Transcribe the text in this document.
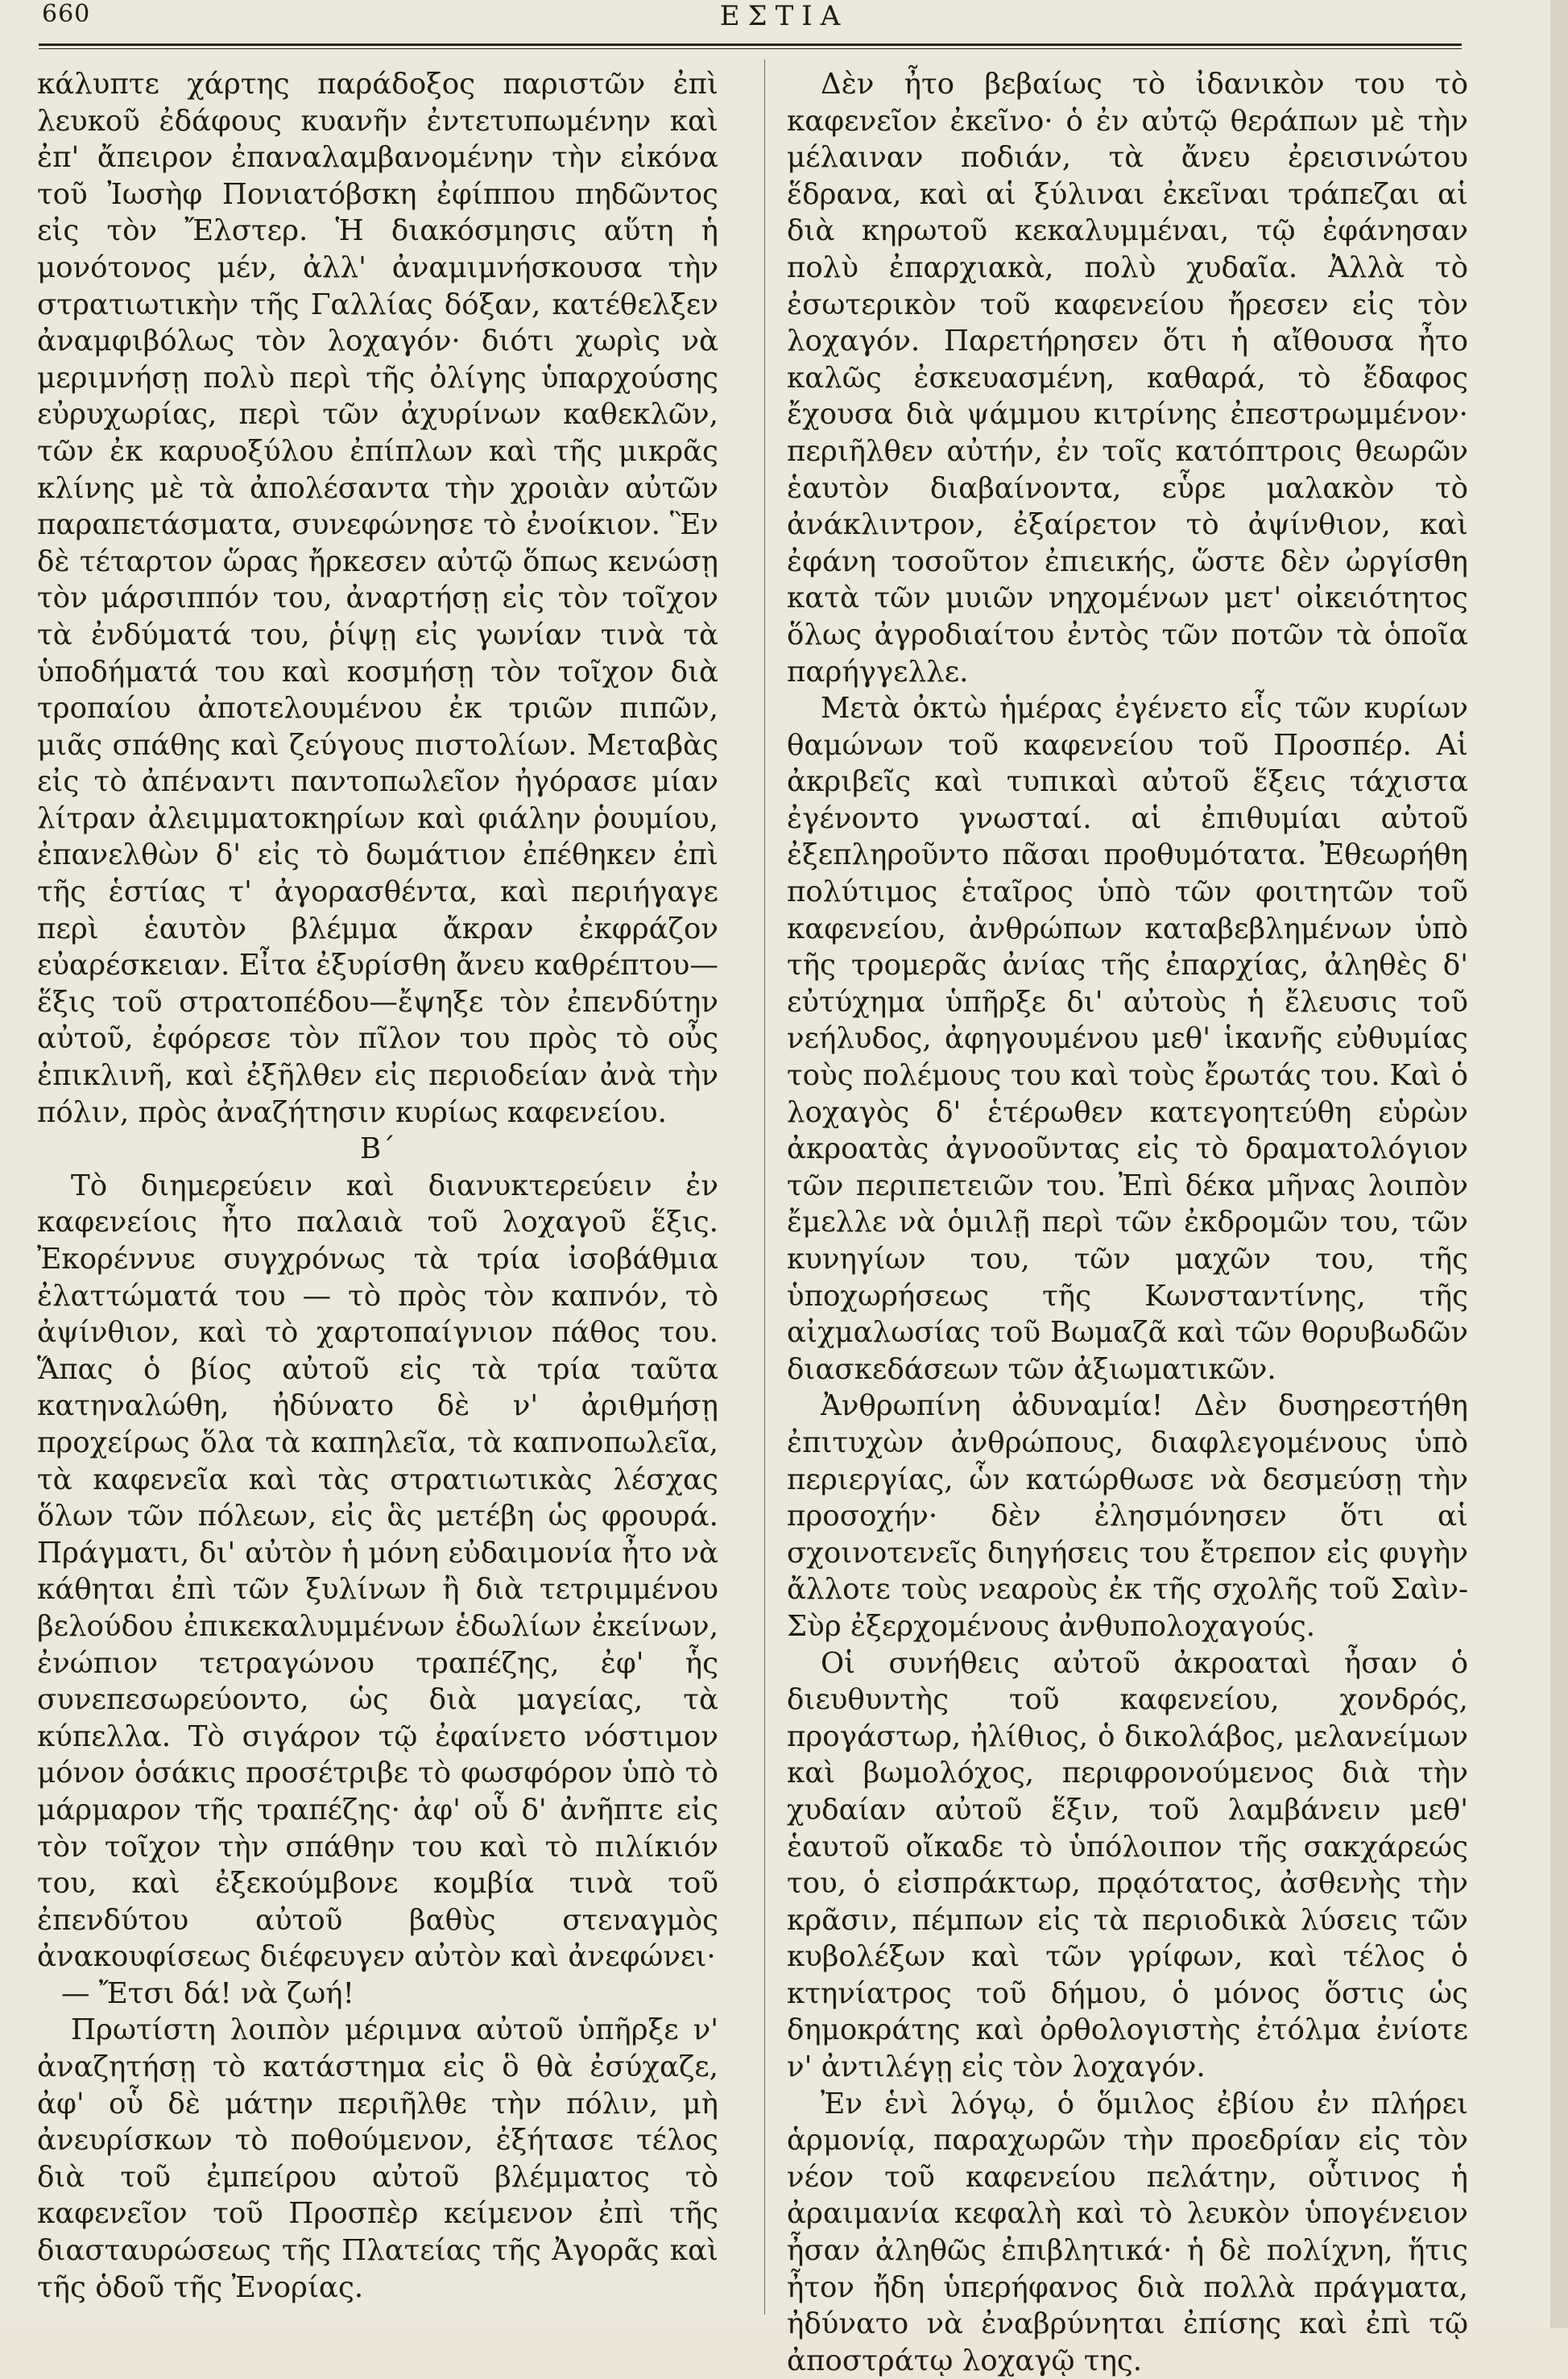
660	ΕΣΤΙΑ

κάλυπτε χάρτης παράδοξος παριστῶν ἐπὶ λευκοῦ ἐδάφους κυανῆν ἐντετυπωμένην καὶ ἐπ' ἄπειρον ἐπαναλαμβανομένην τὴν εἰκόνα τοῦ Ἰωσὴφ Πονιατόβσκη ἐφίππου πηδῶντος εἰς τὸν Ἔλστερ. Ἡ διακόσμησις αὕτη ἡ μονότονος μέν, ἀλλ' ἀναμιμνήσκουσα τὴν στρατιωτικὴν τῆς Γαλλίας δόξαν, κατέθελξεν ἀναμφιβόλως τὸν λοχαγόν· διότι χωρὶς νὰ μεριμνήσῃ πολὺ περὶ τῆς ὀλίγης ὑπαρχούσης εὐρυχωρίας, περὶ τῶν ἀχυρίνων καθεκλῶν, τῶν ἐκ καρυοξύλου ἐπίπλων καὶ τῆς μικρᾶς κλίνης μὲ τὰ ἀπολέσαντα τὴν χροιὰν αὐτῶν παραπετάσματα, συνεφώνησε τὸ ἐνοίκιον. Ἓν δὲ τέταρτον ὥρας ἤρκεσεν αὐτῷ ὅπως κενώσῃ τὸν μάρσιππόν του, ἀναρτήσῃ εἰς τὸν τοῖχον τὰ ἐνδύματά του, ῥίψῃ εἰς γωνίαν τινὰ τὰ ὑποδήματά του καὶ κοσμήσῃ τὸν τοῖχον διὰ τροπαίου ἀποτελουμένου ἐκ τριῶν πιπῶν, μιᾶς σπάθης καὶ ζεύγους πιστολίων. Μεταβὰς εἰς τὸ ἀπέναντι παντοπωλεῖον ἠγόρασε μίαν λίτραν ἀλειμματοκηρίων καὶ φιάλην ῥουμίου, ἐπανελθὼν δ' εἰς τὸ δωμάτιον ἐπέθηκεν ἐπὶ τῆς ἑστίας τ' ἀγορασθέντα, καὶ περιήγαγε περὶ ἑαυτὸν βλέμμα ἄκραν ἐκφράζον εὐαρέσκειαν. Εἶτα ἐξυρίσθη ἄνευ καθρέπτου—ἕξις τοῦ στρατοπέδου—ἔψηξε τὸν ἐπενδύτην αὐτοῦ, ἐφόρεσε τὸν πῖλον του πρὸς τὸ οὖς ἐπικλινῆ, καὶ ἐξῆλθεν εἰς περιοδείαν ἀνὰ τὴν πόλιν, πρὸς ἀναζήτησιν κυρίως καφενείου.

Β΄

Τὸ διημερεύειν καὶ διανυκτερεύειν ἐν καφενείοις ἦτο παλαιὰ τοῦ λοχαγοῦ ἕξις. Ἐκορέννυε συγχρόνως τὰ τρία ἰσοβάθμια ἐλαττώματά του — τὸ πρὸς τὸν καπνόν, τὸ ἀψίνθιον, καὶ τὸ χαρτοπαίγνιον πάθος του. Ἅπας ὁ βίος αὐτοῦ εἰς τὰ τρία ταῦτα κατηναλώθη, ἠδύνατο δὲ ν' ἀριθμήσῃ προχείρως ὅλα τὰ καπηλεῖα, τὰ καπνοπωλεῖα, τὰ καφενεῖα καὶ τὰς στρατιωτικὰς λέσχας ὅλων τῶν πόλεων, εἰς ἃς μετέβη ὡς φρουρά. Πράγματι, δι' αὐτὸν ἡ μόνη εὐδαιμονία ἦτο νὰ κάθηται ἐπὶ τῶν ξυλίνων ἢ διὰ τετριμμένου βελούδου ἐπικεκαλυμμένων ἑδωλίων ἐκείνων, ἐνώπιον τετραγώνου τραπέζης, ἐφ' ἧς συνεπεσωρεύοντο, ὡς διὰ μαγείας, τὰ κύπελλα. Τὸ σιγάρον τῷ ἐφαίνετο νόστιμον μόνον ὁσάκις προσέτριβε τὸ φωσφόρον ὑπὸ τὸ μάρμαρον τῆς τραπέζης· ἀφ' οὗ δ' ἀνῆπτε εἰς τὸν τοῖχον τὴν σπάθην του καὶ τὸ πιλίκιόν του, καὶ ἐξεκούμβονε κομβία τινὰ τοῦ ἐπενδύτου αὐτοῦ βαθὺς στεναγμὸς ἀνακουφίσεως διέφευγεν αὐτὸν καὶ ἀνεφώνει·

— Ἔτσι δά! νὰ ζωή!

Πρωτίστη λοιπὸν μέριμνα αὐτοῦ ὑπῆρξε ν' ἀναζητήσῃ τὸ κατάστημα εἰς ὃ θὰ ἐσύχαζε, ἀφ' οὗ δὲ μάτην περιῆλθε τὴν πόλιν, μὴ ἀνευρίσκων τὸ ποθούμενον, ἐξήτασε τέλος διὰ τοῦ ἐμπείρου αὐτοῦ βλέμματος τὸ καφενεῖον τοῦ Προσπὲρ κείμενον ἐπὶ τῆς διασταυρώσεως τῆς Πλατείας τῆς Ἀγορᾶς καὶ τῆς ὁδοῦ τῆς Ἐνορίας.

Δὲν ἦτο βεβαίως τὸ ἰδανικὸν του τὸ καφενεῖον ἐκεῖνο· ὁ ἐν αὐτῷ θεράπων μὲ τὴν μέλαιναν ποδιάν, τὰ ἄνευ ἐρεισινώτου ἕδρανα, καὶ αἱ ξύλιναι ἐκεῖναι τράπεζαι αἱ διὰ κηρωτοῦ κεκαλυμμέναι, τῷ ἐφάνησαν πολὺ ἐπαρχιακὰ, πολὺ χυδαῖα. Ἀλλὰ τὸ ἐσωτερικὸν τοῦ καφενείου ἤρεσεν εἰς τὸν λοχαγόν. Παρετήρησεν ὅτι ἡ αἴθουσα ἦτο καλῶς ἐσκευασμένη, καθαρά, τὸ ἔδαφος ἔχουσα διὰ ψάμμου κιτρίνης ἐπεστρωμμένον· περιῆλθεν αὐτήν, ἐν τοῖς κατόπτροις θεωρῶν ἑαυτὸν διαβαίνοντα, εὗρε μαλακὸν τὸ ἀνάκλιντρον, ἐξαίρετον τὸ ἀψίνθιον, καὶ ἐφάνη τοσοῦτον ἐπιεικής, ὥστε δὲν ὠργίσθη κατὰ τῶν μυιῶν νηχομένων μετ' οἰκειότητος ὅλως ἀγροδιαίτου ἐντὸς τῶν ποτῶν τὰ ὁποῖα παρήγγελλε.

Μετὰ ὀκτὼ ἡμέρας ἐγένετο εἷς τῶν κυρίων θαμώνων τοῦ καφενείου τοῦ Προσπέρ. Αἱ ἀκριβεῖς καὶ τυπικαὶ αὐτοῦ ἕξεις τάχιστα ἐγένοντο γνωσταί. αἱ ἐπιθυμίαι αὐτοῦ ἐξεπληροῦντο πᾶσαι προθυμότατα. Ἐθεωρήθη πολύτιμος ἑταῖρος ὑπὸ τῶν φοιτητῶν τοῦ καφενείου, ἀνθρώπων καταβεβλημένων ὑπὸ τῆς τρομερᾶς ἀνίας τῆς ἐπαρχίας, ἀληθὲς δ' εὐτύχημα ὑπῆρξε δι' αὐτοὺς ἡ ἔλευσις τοῦ νεήλυδος, ἀφηγουμένου μεθ' ἱκανῆς εὐθυμίας τοὺς πολέμους του καὶ τοὺς ἔρωτάς του. Καὶ ὁ λοχαγὸς δ' ἑτέρωθεν κατεγοητεύθη εὑρὼν ἀκροατὰς ἀγνοοῦντας εἰς τὸ δραματολόγιον τῶν περιπετειῶν του. Ἐπὶ δέκα μῆνας λοιπὸν ἔμελλε νὰ ὁμιλῇ περὶ τῶν ἐκδρομῶν του, τῶν κυνηγίων του, τῶν μαχῶν του, τῆς ὑποχωρήσεως τῆς Κωνσταντίνης, τῆς αἰχμαλωσίας τοῦ Βωμαζᾶ καὶ τῶν θορυβωδῶν διασκεδάσεων τῶν ἀξιωματικῶν.

Ἀνθρωπίνη ἀδυναμία! Δὲν δυσηρεστήθη ἐπιτυχὼν ἀνθρώπους, διαφλεγομένους ὑπὸ περιεργίας, ὧν κατώρθωσε νὰ δεσμεύσῃ τὴν προσοχήν· δὲν ἐλησμόνησεν ὅτι αἱ σχοινοτενεῖς διηγήσεις του ἔτρεπον εἰς φυγὴν ἄλλοτε τοὺς νεαροὺς ἐκ τῆς σχολῆς τοῦ Σαὶν-Σὺρ ἐξερχομένους ἀνθυπολοχαγούς.

Οἱ συνήθεις αὐτοῦ ἀκροαταὶ ἦσαν ὁ διευθυντὴς τοῦ καφενείου, χονδρός, προγάστωρ, ἠλίθιος, ὁ δικολάβος, μελανείμων καὶ βωμολόχος, περιφρονούμενος διὰ τὴν χυδαίαν αὐτοῦ ἕξιν, τοῦ λαμβάνειν μεθ' ἑαυτοῦ οἴκαδε τὸ ὑπόλοιπον τῆς σακχάρεώς του, ὁ εἰσπράκτωρ, πρᾳότατος, ἀσθενὴς τὴν κρᾶσιν, πέμπων εἰς τὰ περιοδικὰ λύσεις τῶν κυβολέξων καὶ τῶν γρίφων, καὶ τέλος ὁ κτηνίατρος τοῦ δήμου, ὁ μόνος ὅστις ὡς δημοκράτης καὶ ὀρθολογιστὴς ἐτόλμα ἐνίοτε ν' ἀντιλέγῃ εἰς τὸν λοχαγόν.

Ἐν ἑνὶ λόγῳ, ὁ ὅμιλος ἐβίου ἐν πλήρει ἁρμονίᾳ, παραχωρῶν τὴν προεδρίαν εἰς τὸν νέον τοῦ καφενείου πελάτην, οὗτινος ἡ ἀραιμανία κεφαλὴ καὶ τὸ λευκὸν ὑπογένειον ἦσαν ἀληθῶς ἐπιβλητικά· ἡ δὲ πολίχνη, ἥτις ἦτον ἤδη ὑπερήφανος διὰ πολλὰ πράγματα, ἠδύνατο νὰ ἐναβρύνηται ἐπίσης καὶ ἐπὶ τῷ ἀποστράτῳ λοχαγῷ της.
